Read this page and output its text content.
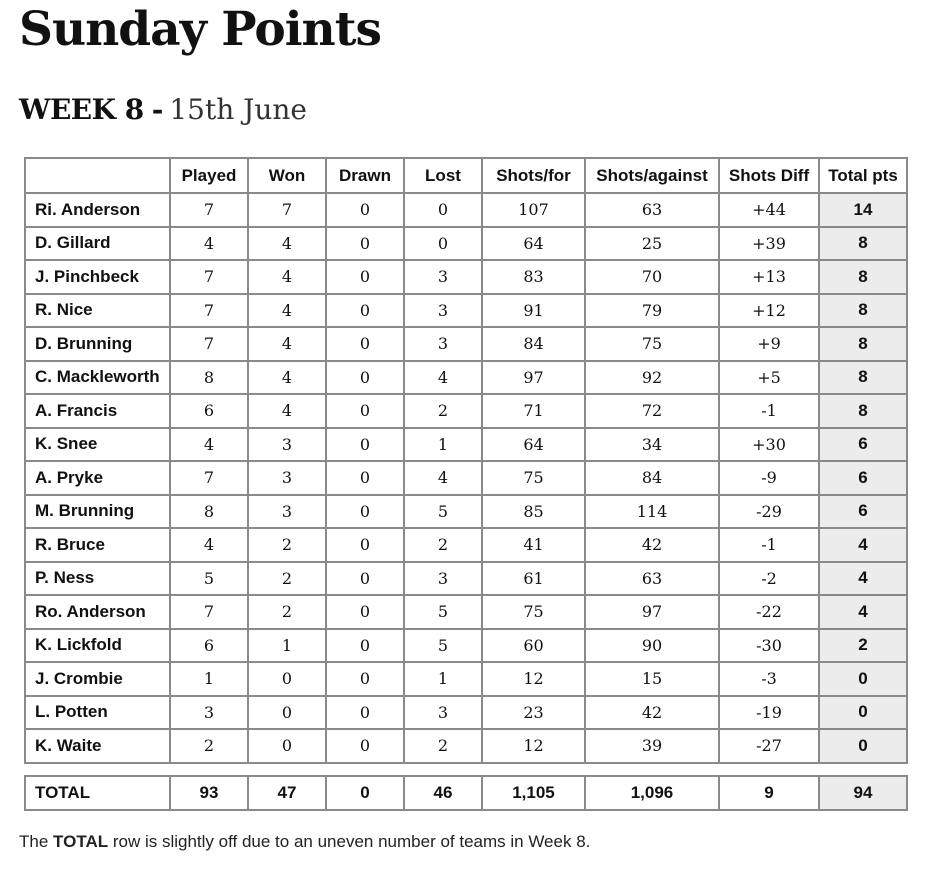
Sunday Points
WEEK 8 - 15th June
	Played	Won	Drawn	Lost	Shots/for	Shots/against	Shots Diff	Total pts
Ri. Anderson	7	7	0	0	107	63	+44	14
D. Gillard	4	4	0	0	64	25	+39	8
J. Pinchbeck	7	4	0	3	83	70	+13	8
R. Nice	7	4	0	3	91	79	+12	8
D. Brunning	7	4	0	3	84	75	+9	8
C. Mackleworth	8	4	0	4	97	92	+5	8
A. Francis	6	4	0	2	71	72	-1	8
K. Snee	4	3	0	1	64	34	+30	6
A. Pryke	7	3	0	4	75	84	-9	6
M. Brunning	8	3	0	5	85	114	-29	6
R. Bruce	4	2	0	2	41	42	-1	4
P. Ness	5	2	0	3	61	63	-2	4
Ro. Anderson	7	2	0	5	75	97	-22	4
K. Lickfold	6	1	0	5	60	90	-30	2
J. Crombie	1	0	0	1	12	15	-3	0
L. Potten	3	0	0	3	23	42	-19	0
K. Waite	2	0	0	2	12	39	-27	0
TOTAL	93	47	0	46	1,105	1,096	9	94
The TOTAL row is slightly off due to an uneven number of teams in Week 8.
